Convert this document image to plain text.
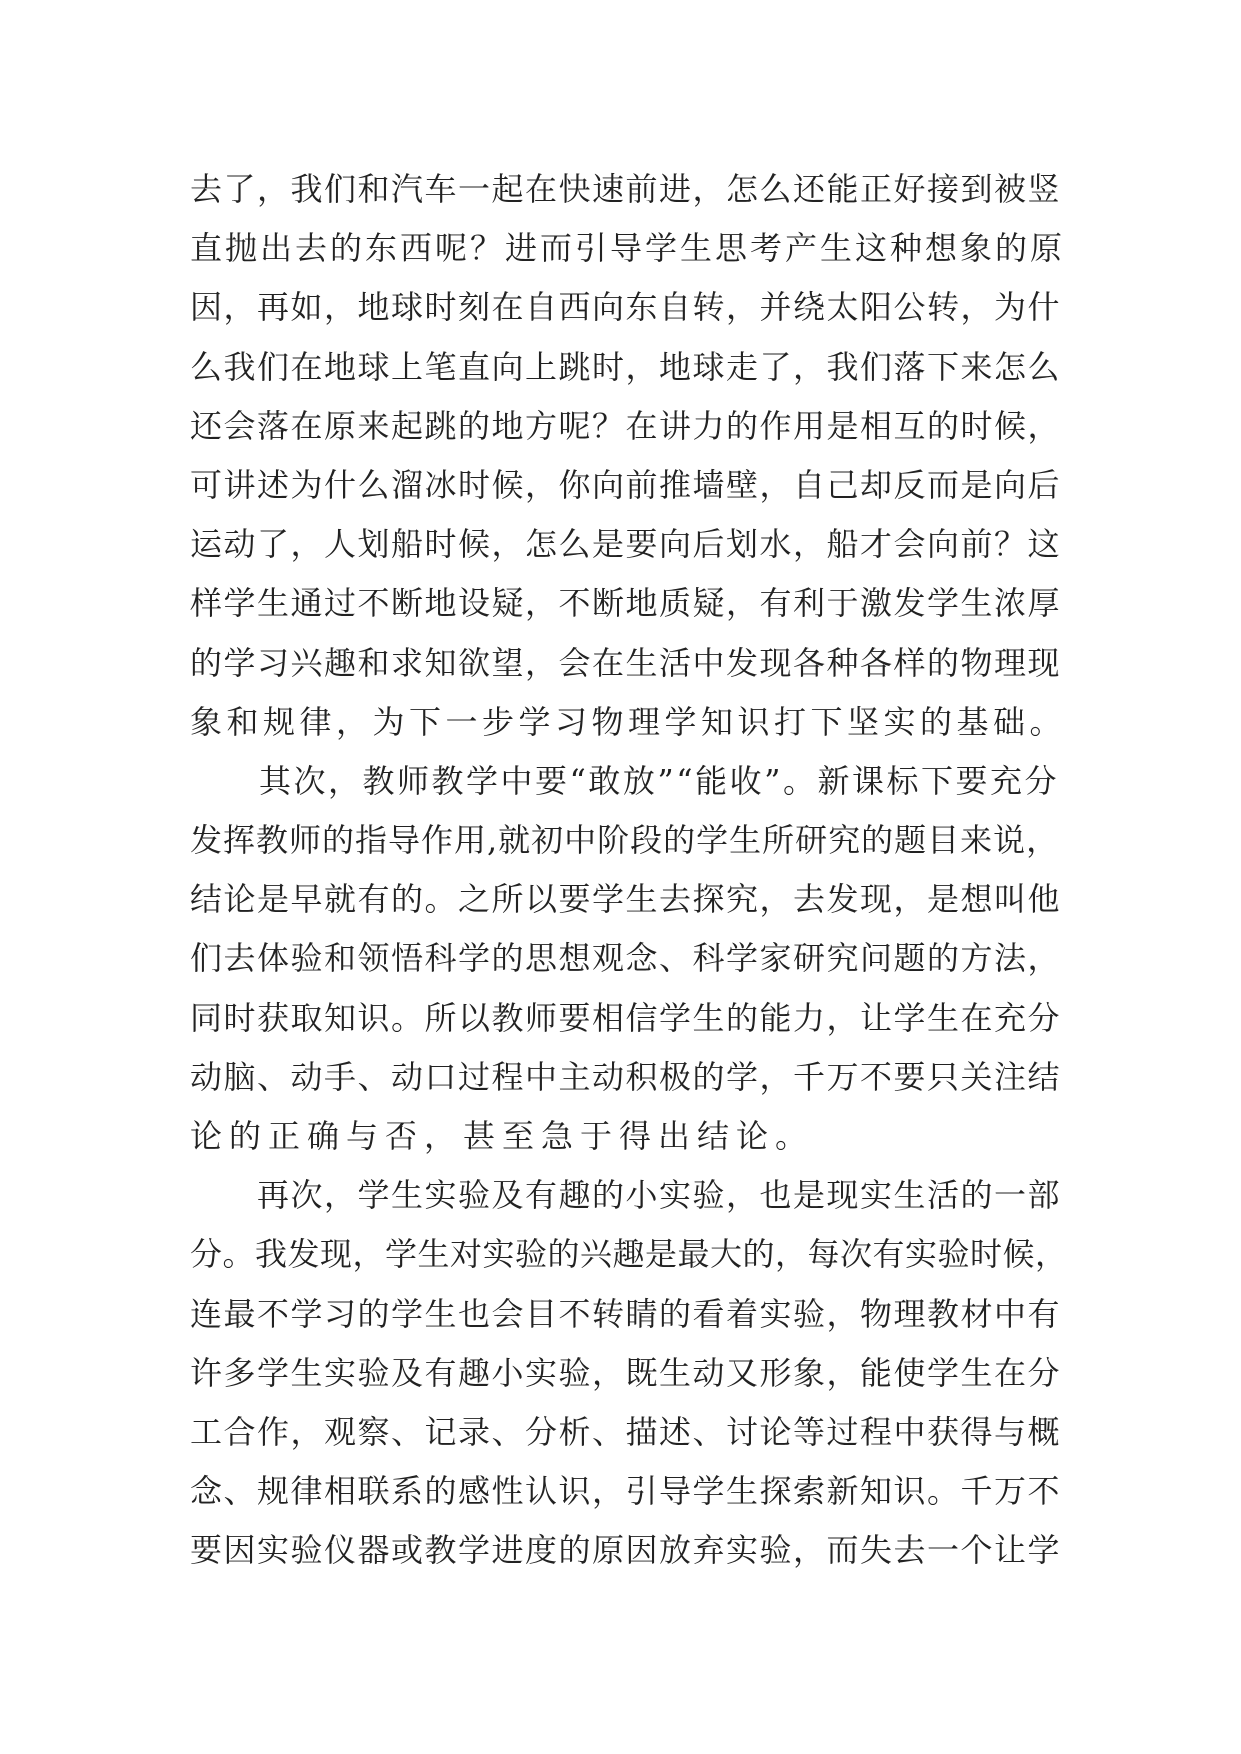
去了，我们和汽车一起在快速前进，怎么还能正好接到被竖
直抛出去的东西呢？进而引导学生思考产生这种想象的原
因，再如，地球时刻在自西向东自转，并绕太阳公转，为什
么我们在地球上笔直向上跳时，地球走了，我们落下来怎么
还会落在原来起跳的地方呢？在讲力的作用是相互的时候，
可讲述为什么溜冰时候，你向前推墙壁，自己却反而是向后
运动了，人划船时候，怎么是要向后划水，船才会向前？这
样学生通过不断地设疑，不断地质疑，有利于激发学生浓厚
的学习兴趣和求知欲望，会在生活中发现各种各样的物理现
象和规律，为下一步学习物理学知识打下坚实的基础。
　　其次，教师教学中要“敢放”“能收”。新课标下要充分
发挥教师的指导作用,就初中阶段的学生所研究的题目来说，
结论是早就有的。之所以要学生去探究，去发现，是想叫他
们去体验和领悟科学的思想观念、科学家研究问题的方法，
同时获取知识。所以教师要相信学生的能力，让学生在充分
动脑、动手、动口过程中主动积极的学，千万不要只关注结
论的正确与否，甚至急于得出结论。
　　再次，学生实验及有趣的小实验，也是现实生活的一部
分。我发现，学生对实验的兴趣是最大的，每次有实验时候，
连最不学习的学生也会目不转睛的看着实验，物理教材中有
许多学生实验及有趣小实验，既生动又形象，能使学生在分
工合作，观察、记录、分析、描述、讨论等过程中获得与概
念、规律相联系的感性认识，引导学生探索新知识。千万不
要因实验仪器或教学进度的原因放弃实验，而失去一个让学
